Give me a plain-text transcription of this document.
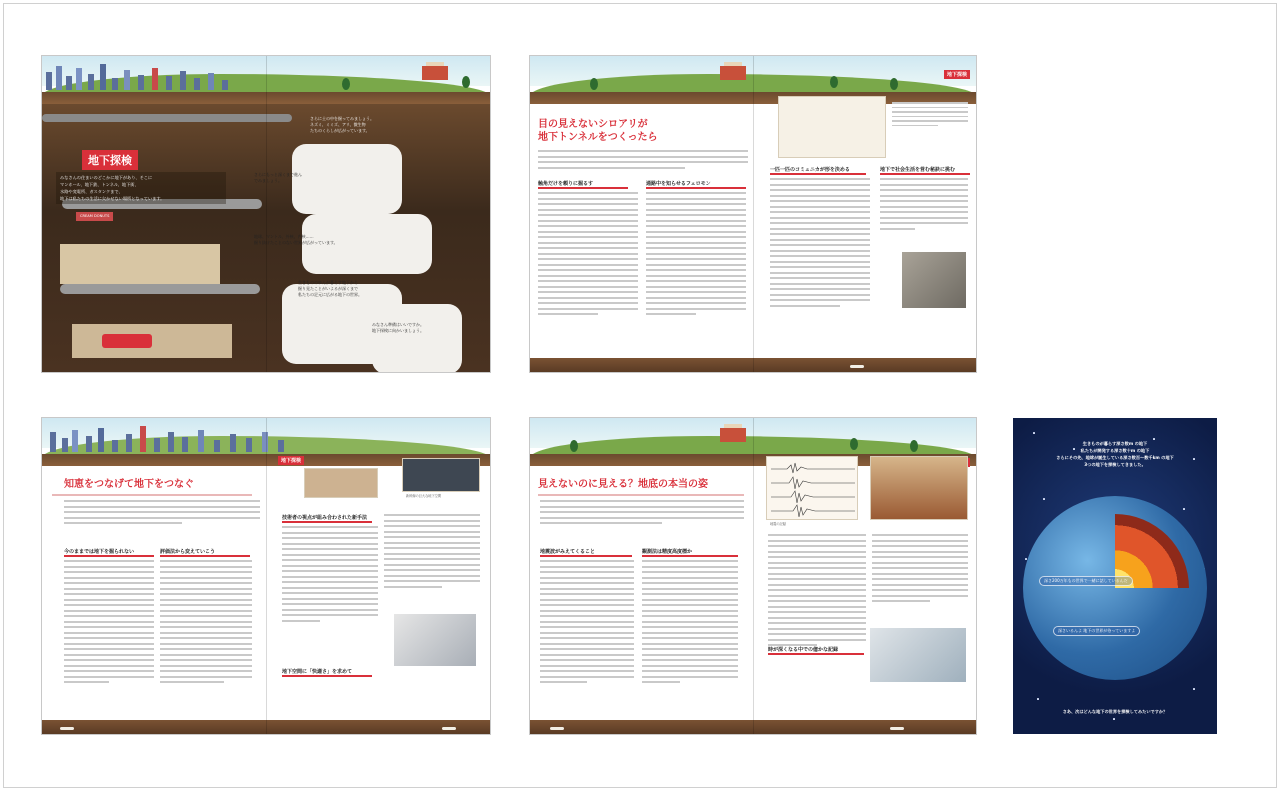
地下探検
みなさんの住まいのどこかに地下があり、そこに
マンホール、地下鉄、トンネル、地下街、
水路や変電所、ガスタンクまで、
地下は私たちの生活に欠かせない場所となっています。
CREAM DONUTS
さらに土の中を掘ってみましょう。
ネズミ、ミミズ、アリ、微生物
たちのくらしが広がっています。
さらにもっと深くまで進ん
でみましょう。
地球、マントル、外核、内核……
掘り抜けたことのない世界が広がっています。
生きもののゆんが暮らす地下から
掘り見たことがいよるが深くまで
私たちの足元に広がる地下の世界。
みなさん準備はいいですか。
地下探検に向かいましょう。
地下探検
目の見えないシロアリが
地下トンネルをつくったら
触角だけを頼りに掘るす	通路中を知らせるフェロモン
一匹一匹のコミュニカが形を決める	地下で社会生活を営む秘訣に挑む
地下探検
知恵をつなげて地下をつなぐ
今のままでは地下を掘られない	評価法から変えていこう
新幹線の巨大な地下空間
技術者の視点が組み合わされた新手法
地下空間に「快適さ」を求めて
見えないのに見える？地底の本当の姿
地震波がみえてくること	観測法は精度高度標か
地震の記録
時が深くなる中での億かな記録
生きものが暮らす深さ数m の地下
私たちが開発する深さ数十m の地下
さらにその先、地球が誕生している深さ数百～数千km の地下
3つの地下を探検してきました。
深さ200万年もの世界で一緒に話しているんだ
深さいるんよ 地下の世界が待っていますよ
さあ、次はどんな地下の世界を探検してみたいですか？
